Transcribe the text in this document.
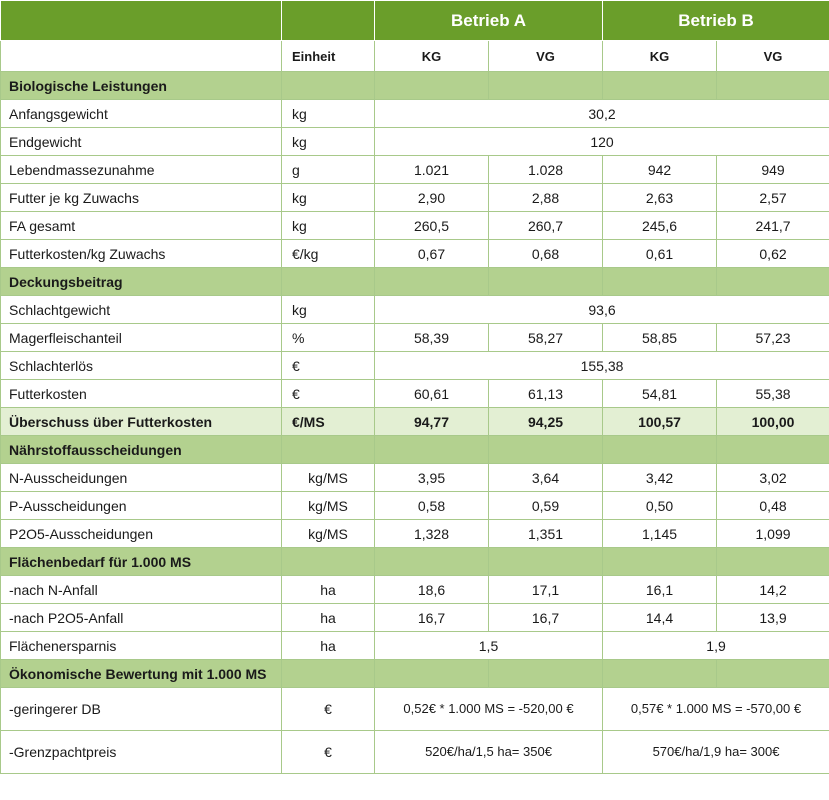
		Betrieb A		Betrieb B	
	Einheit	KG	VG	KG	VG
Biologische Leistungen					
Anfangsgewicht	kg	30,2			
Endgewicht	kg	120			
Lebendmassezunahme	g	1.021	1.028	942	949
Futter je kg Zuwachs	kg	2,90	2,88	2,63	2,57
FA gesamt	kg	260,5	260,7	245,6	241,7
Futterkosten/kg Zuwachs	€/kg	0,67	0,68	0,61	0,62
Deckungsbeitrag					
Schlachtgewicht	kg	93,6			
Magerfleischanteil	%	58,39	58,27	58,85	57,23
Schlachterlös	€	155,38			
Futterkosten	€	60,61	61,13	54,81	55,38
Überschuss über Futterkosten	€/MS	94,77	94,25	100,57	100,00
Nährstoffausscheidungen					
N-Ausscheidungen	kg/MS	3,95	3,64	3,42	3,02
P-Ausscheidungen	kg/MS	0,58	0,59	0,50	0,48
P2O5-Ausscheidungen	kg/MS	1,328	1,351	1,145	1,099
Flächenbedarf für 1.000 MS					
-nach N-Anfall	ha	18,6	17,1	16,1	14,2
-nach P2O5-Anfall	ha	16,7	16,7	14,4	13,9
Flächenersparnis	ha	1,5		1,9	
Ökonomische Bewertung mit 1.000 MS					
-geringerer DB	€	0,52€ * 1.000 MS = -520,00 €		0,57€ * 1.000 MS = -570,00 €	
-Grenzpachtpreis	€	520€/ha/1,5 ha= 350€		570€/ha/1,9 ha= 300€	
